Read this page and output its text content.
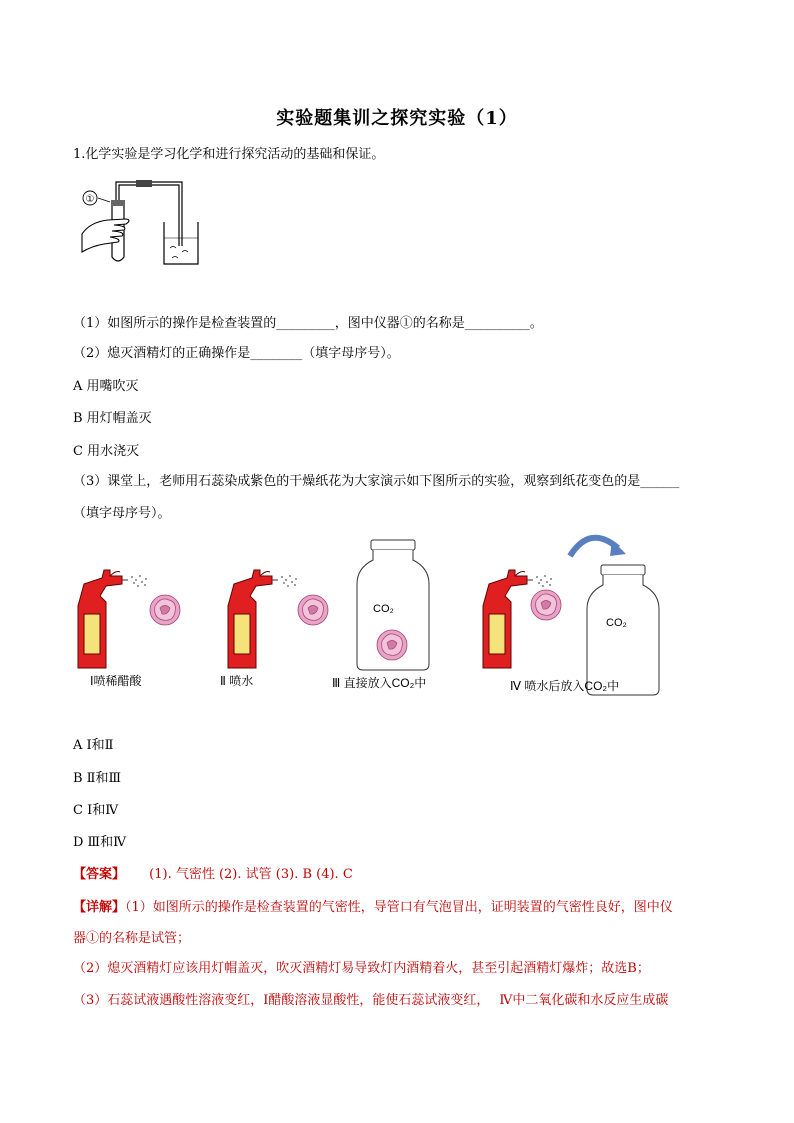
实验题集训之探究实验（1）
1.化学实验是学习化学和进行探究活动的基础和保证。
①
（1）如图所示的操作是检查装置的_________，图中仪器①的名称是__________。
（2）熄灭酒精灯的正确操作是________（填字母序号）。
A 用嘴吹灭
B 用灯帽盖灭
C 用水浇灭
（3）课堂上，老师用石蕊染成紫色的干燥纸花为大家演示如下图所示的实验，观察到纸花变色的是______
（填字母序号）。
CO₂
CO₂
Ⅰ喷稀醋酸	Ⅱ 喷水	Ⅲ 直接放入CO₂中	Ⅳ 喷水后放入CO₂中
A Ⅰ和Ⅱ
B Ⅱ和Ⅲ
C Ⅰ和Ⅳ
D Ⅲ和Ⅳ
【答案】 (1). 气密性 (2). 试管 (3). B (4). C
【详解】（1）如图所示的操作是检查装置的气密性，导管口有气泡冒出，证明装置的气密性良好，图中仪
器①的名称是试管；
（2）熄灭酒精灯应该用灯帽盖灭，吹灭酒精灯易导致灯内酒精着火，甚至引起酒精灯爆炸；故选B；
（3）石蕊试液遇酸性溶液变红，Ⅰ醋酸溶液显酸性，能使石蕊试液变红， Ⅳ中二氧化碳和水反应生成碳
